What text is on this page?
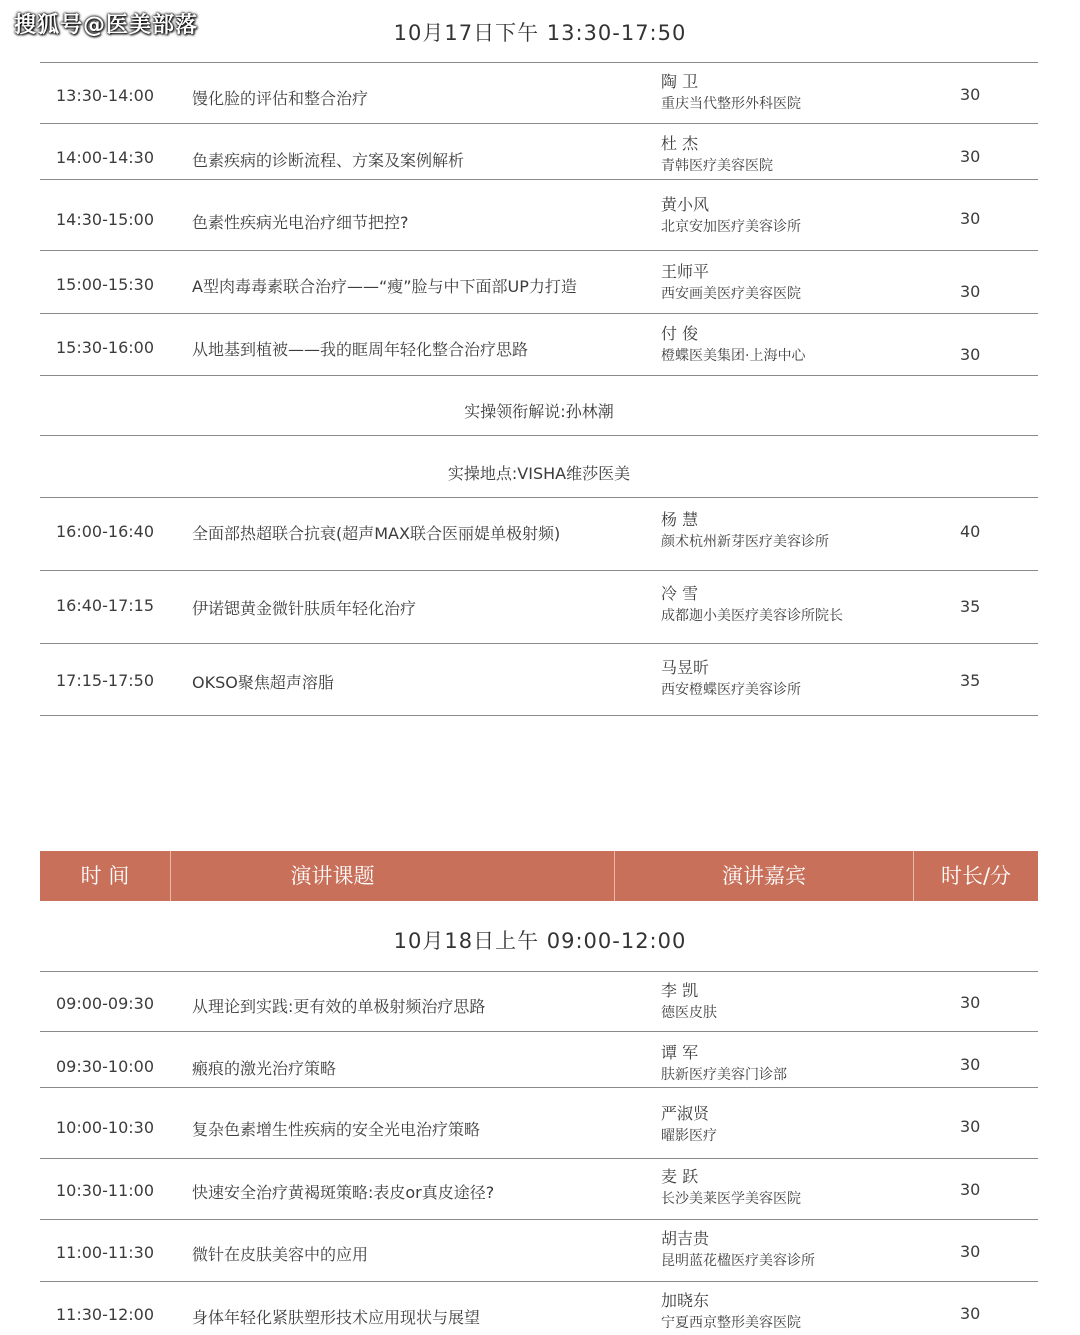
搜狐号@医美部落	10月17日下午 13:30-17:50
13:30-14:00 馒化脸的评估和整合治疗
陶 卫
重庆当代整形外科医院	30
14:00-14:30 色素疾病的诊断流程、方案及案例解析
杜 杰
青韩医疗美容医院	30
14:30-15:00 色素性疾病光电治疗细节把控?
黄小风
北京安加医疗美容诊所	30
15:00-15:30 A型肉毒毒素联合治疗——“瘦”脸与中下面部UP力打造
王师平
西安画美医疗美容医院	30
15:30-16:00 从地基到植被——我的眶周年轻化整合治疗思路
付 俊
橙蝶医美集团·上海中心	30
实操领衔解说:孙林潮
实操地点:VISHA维莎医美
16:00-16:40 全面部热超联合抗衰(超声MAX联合医丽媞单极射频)
杨 慧
颜术杭州新芽医疗美容诊所
40
16:40-17:15 伊诺锶黄金微针肤质年轻化治疗
冷 雪
成都迦小美医疗美容诊所院长	35
17:15-17:50 OKSO聚焦超声溶脂
马昱昕
西安橙蝶医疗美容诊所	35
时 间	演讲课题	演讲嘉宾	时长/分
10月18日上午 09:00-12:00
09:00-09:30 从理论到实践:更有效的单极射频治疗思路
李 凯
德医皮肤
30
09:30-10:00 瘢痕的激光治疗策略
谭 军
肤新医疗美容门诊部
30
10:00-10:30 复杂色素增生性疾病的安全光电治疗策略
严淑贤
曜影医疗	30
10:30-11:00 快速安全治疗黄褐斑策略:表皮or真皮途径?
麦 跃
长沙美莱医学美容医院	30
11:00-11:30 微针在皮肤美容中的应用
胡吉贵
昆明蓝花楹医疗美容诊所	30
11:30-12:00 身体年轻化紧肤塑形技术应用现状与展望
加晓东
宁夏西京整形美容医院	30
